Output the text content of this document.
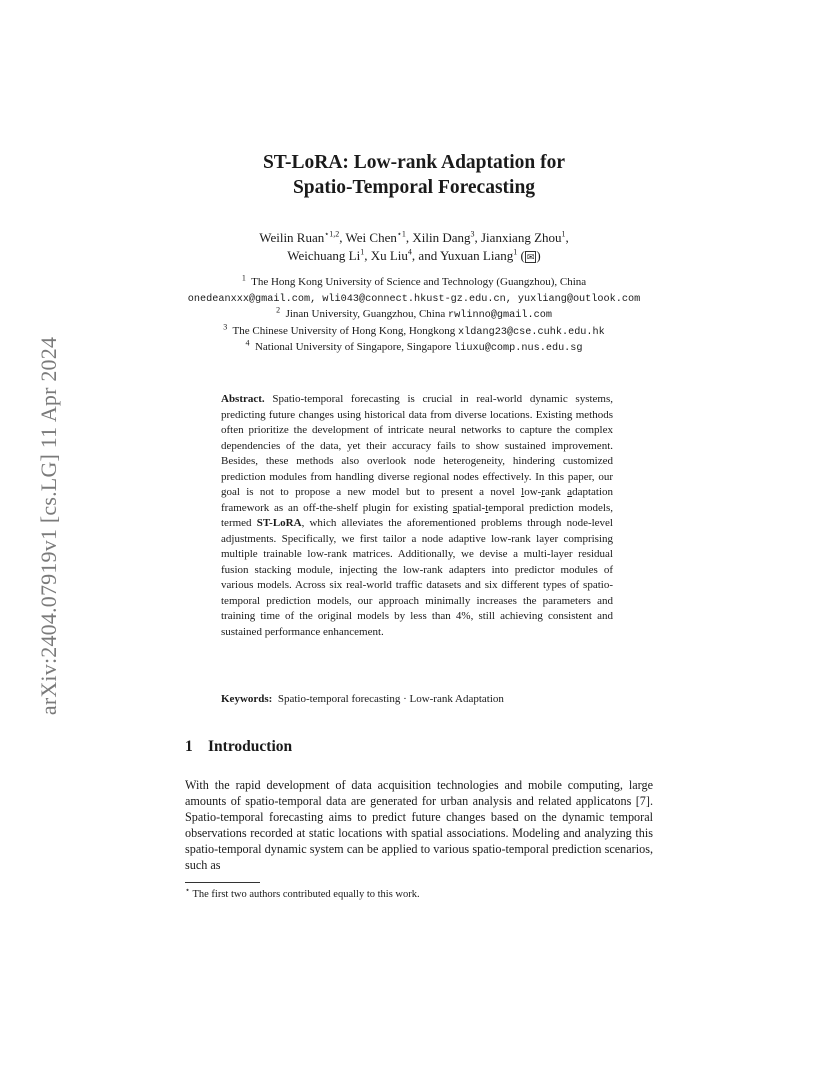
arXiv:2404.07919v1 [cs.LG] 11 Apr 2024
ST-LoRA: Low-rank Adaptation for
Spatio-Temporal Forecasting
Weilin Ruan$^{⋆1,2}$, Wei Chen$^{⋆1}$, Xilin Dang$^3$, Jianxiang Zhou$^1$,
Weichuang Li$^1$, Xu Liu$^4$, and Yuxuan Liang$^1$ ( ✉ )
$^1$ The Hong Kong University of Science and Technology (Guangzhou), China
onedeanxxx@gmail.com, wli043@connect.hkust-gz.edu.cn, yuxliang@outlook.com
$^2$ Jinan University, Guangzhou, China rwlinno@gmail.com
$^3$ The Chinese University of Hong Kong, Hongkong xldang23@cse.cuhk.edu.hk
$^4$ National University of Singapore, Singapore liuxu@comp.nus.edu.sg

Abstract. Spatio-temporal forecasting is crucial in real-world dynamic systems, predicting future changes using historical data from diverse locations. Existing methods often prioritize the development of intricate neural networks to capture the complex dependencies of the data, yet their accuracy fails to show sustained improvement. Besides, these methods also overlook node heterogeneity, hindering customized prediction modules from handling diverse regional nodes effectively. In this paper, our goal is not to propose a new model but to present a novel low-rank adaptation framework as an off-the-shelf plugin for existing spatial-temporal prediction models, termed ST-LoRA, which alleviates the aforementioned problems through node-level adjustments. Specifically, we first tailor a node adaptive low-rank layer comprising multiple trainable low-rank matrices. Additionally, we devise a multi-layer residual fusion stacking module, injecting the low-rank adapters into predictor modules of various models. Across six real-world traffic datasets and six different types of spatio-temporal prediction models, our approach minimally increases the parameters and training time of the original models by less than 4%, still achieving consistent and sustained performance enhancement.

Keywords: Spatio-temporal forecasting · Low-rank Adaptation
1 Introduction

With the rapid development of data acquisition technologies and mobile computing, large amounts of spatio-temporal data are generated for urban analysis and related applicatons [7]. Spatio-temporal forecasting aims to predict future changes based on the dynamic temporal observations recorded at static locations with spatial associations. Modeling and analyzing this spatio-temporal dynamic system can be applied to various spatio-temporal prediction scenarios, such as

⋆ The first two authors contributed equally to this work.
